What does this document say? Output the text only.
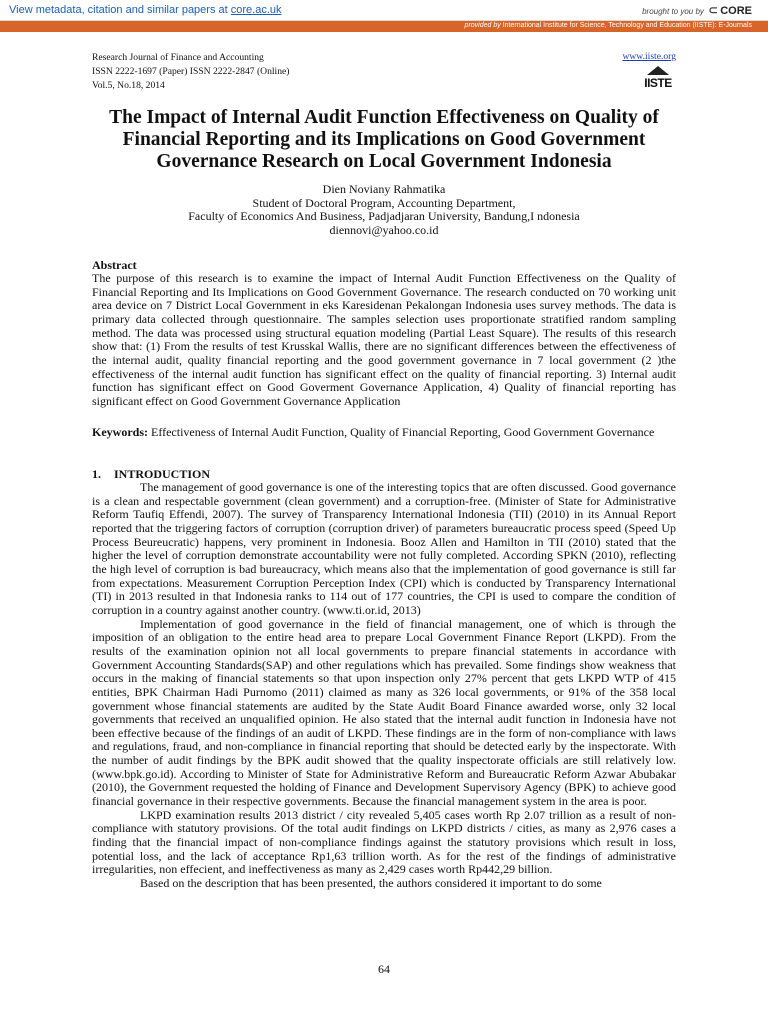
View metadata, citation and similar papers at core.ac.uk	brought to you by ⊂ CORE
provided by International Institute for Science, Technology and Education (IISTE): E-Journals
Research Journal of Finance and Accounting
ISSN 2222-1697 (Paper) ISSN 2222-2847 (Online)
Vol.5, No.18, 2014
www.iiste.org
IISTE
The Impact of Internal Audit Function Effectiveness on Quality of Financial Reporting and its Implications on Good Government Governance Research on Local Government Indonesia
Dien Noviany Rahmatika
Student of Doctoral Program, Accounting Department,
Faculty of Economics And Business, Padjadjaran University, Bandung,I ndonesia
diennovi@yahoo.co.id
Abstract
The purpose of this research is to examine the impact of Internal Audit Function Effectiveness on the Quality of Financial Reporting and Its Implications on Good Government Governance. The research conducted on 70 working unit area device on 7 District Local Government in eks Karesidenan Pekalongan Indonesia uses survey methods. The data is primary data collected through questionnaire. The samples selection uses proportionate stratified random sampling method. The data was processed using structural equation modeling (Partial Least Square). The results of this research show that: (1) From the results of test Krusskal Wallis, there are no significant differences between the effectiveness of the internal audit, quality financial reporting and the good government governance in 7 local government (2 )the effectiveness of the internal audit function has significant effect on the quality of financial reporting. 3) Internal audit function has significant effect on Good Goverment Governance Application, 4) Quality of financial reporting has significant effect on Good Government Governance Application
Keywords: Effectiveness of Internal Audit Function, Quality of Financial Reporting, Good Government Governance
1. INTRODUCTION

The management of good governance is one of the interesting topics that are often discussed. Good governance is a clean and respectable government (clean government) and a corruption-free. (Minister of State for Administrative Reform Taufiq Effendi, 2007). The survey of Transparency International Indonesia (TII) (2010) in its Annual Report reported that the triggering factors of corruption (corruption driver) of parameters bureaucratic process speed (Speed Up Process Beureucratic) happens, very prominent in Indonesia. Booz Allen and Hamilton in TII (2010) stated that the higher the level of corruption demonstrate accountability were not fully completed. According SPKN (2010), reflecting the high level of corruption is bad bureaucracy, which means also that the implementation of good governance is still far from expectations. Measurement Corruption Perception Index (CPI) which is conducted by Transparency International (TI) in 2013 resulted in that Indonesia ranks to 114 out of 177 countries, the CPI is used to compare the condition of corruption in a country against another country. (www.ti.or.id, 2013)

Implementation of good governance in the field of financial management, one of which is through the imposition of an obligation to the entire head area to prepare Local Government Finance Report (LKPD). From the results of the examination opinion not all local governments to prepare financial statements in accordance with Government Accounting Standards(SAP) and other regulations which has prevailed. Some findings show weakness that occurs in the making of financial statements so that upon inspection only 27% percent that gets LKPD WTP of 415 entities, BPK Chairman Hadi Purnomo (2011) claimed as many as 326 local governments, or 91% of the 358 local government whose financial statements are audited by the State Audit Board Finance awarded worse, only 32 local governments that received an unqualified opinion. He also stated that the internal audit function in Indonesia have not been effective because of the findings of an audit of LKPD. These findings are in the form of non-compliance with laws and regulations, fraud, and non-compliance in financial reporting that should be detected early by the inspectorate. With the number of audit findings by the BPK audit showed that the quality inspectorate officials are still relatively low. (www.bpk.go.id). According to Minister of State for Administrative Reform and Bureaucratic Reform Azwar Abubakar (2010), the Government requested the holding of Finance and Development Supervisory Agency (BPK) to achieve good financial governance in their respective governments. Because the financial management system in the area is poor.

LKPD examination results 2013 district / city revealed 5,405 cases worth Rp 2.07 trillion as a result of non-compliance with statutory provisions. Of the total audit findings on LKPD districts / cities, as many as 2,976 cases a finding that the financial impact of non-compliance findings against the statutory provisions which result in loss, potential loss, and the lack of acceptance Rp1,63 trillion worth. As for the rest of the findings of administrative irregularities, non effecient, and ineffectiveness as many as 2,429 cases worth Rp442,29 billion.

Based on the description that has been presented, the authors considered it important to do some

64
